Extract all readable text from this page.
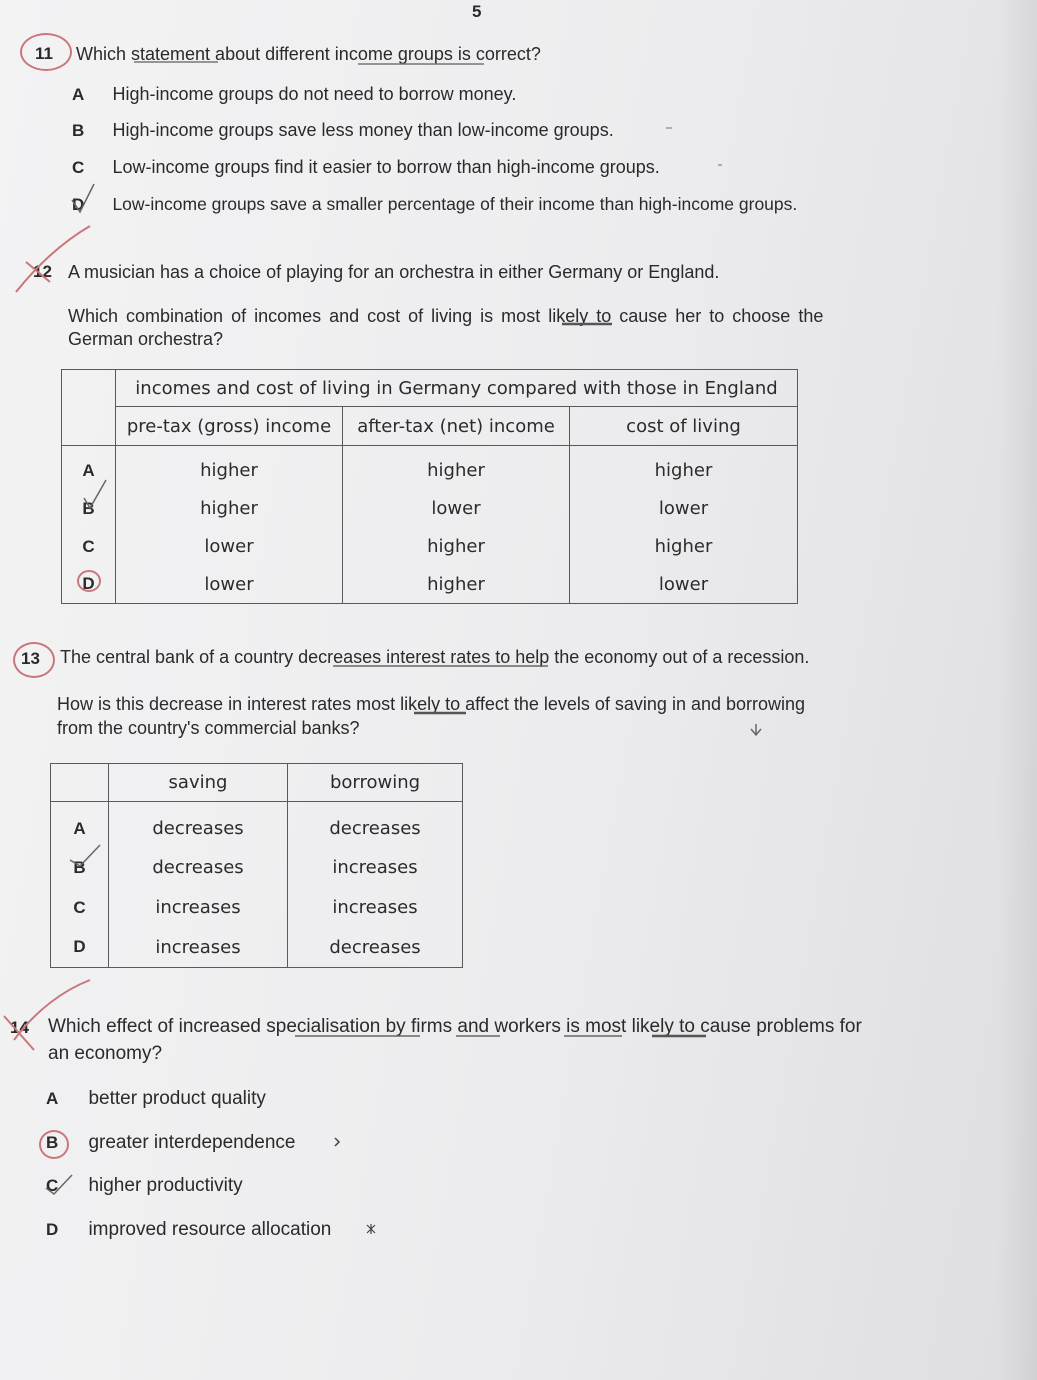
5
11 Which statement about different income groups is correct?
A High-income groups do not need to borrow money.
B High-income groups save less money than low-income groups.
C Low-income groups find it easier to borrow than high-income groups.
D Low-income groups save a smaller percentage of their income than high-income groups.
12 A musician has a choice of playing for an orchestra in either Germany or England.
Which combination of incomes and cost of living is most likely to cause her to choose the
German orchestra?
	incomes and cost of living in Germany compared with those in England		
	pre-tax (gross) income	after-tax (net) income	cost of living
A	higher	higher	higher
B	higher	lower	lower
C	lower	higher	higher
D	lower	higher	lower
13 The central bank of a country decreases interest rates to help the economy out of a recession.
How is this decrease in interest rates most likely to affect the levels of saving in and borrowing
from the country's commercial banks?
	saving	borrowing
A	decreases	decreases
B	decreases	increases
C	increases	increases
D	increases	decreases
14 Which effect of increased specialisation by firms and workers is most likely to cause problems for
an economy?
A better product quality
B greater interdependence
C higher productivity
D improved resource allocation
